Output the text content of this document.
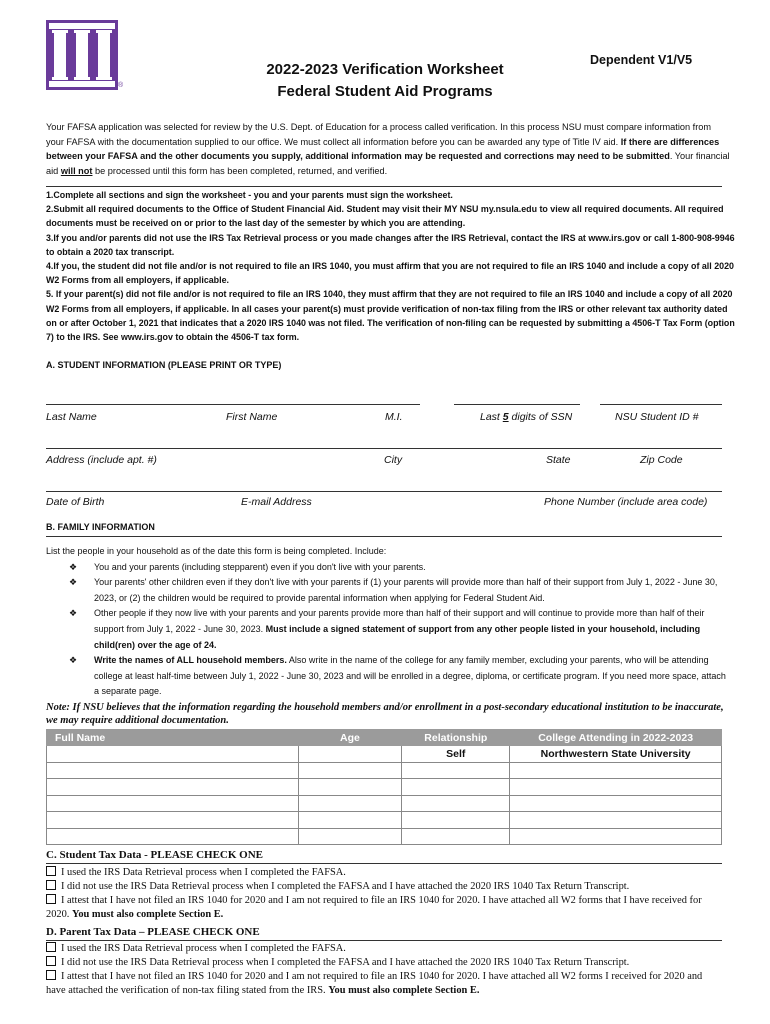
®
2022-2023 Verification Worksheet
Federal Student Aid Programs
Dependent V1/V5
Your FAFSA application was selected for review by the U.S. Dept. of Education for a process called verification. In this process NSU must compare information from your FAFSA with the documentation supplied to our office. We must collect all information before you can be awarded any type of Title IV aid. If there are differences between your FAFSA and the other documents you supply, additional information may be requested and corrections may need to be submitted. Your financial aid will not be processed until this form has been completed, returned, and verified.
1.Complete all sections and sign the worksheet - you and your parents must sign the worksheet.
2.Submit all required documents to the Office of Student Financial Aid. Student may visit their MY NSU my.nsula.edu to view all required documents. All required documents must be received on or prior to the last day of the semester by which you are attending.
3.If you and/or parents did not use the IRS Tax Retrieval process or you made changes after the IRS Retrieval, contact the IRS at www.irs.gov or call 1-800-908-9946 to obtain a 2020 tax transcript.
4.If you, the student did not file and/or is not required to file an IRS 1040, you must affirm that you are not required to file an IRS 1040 and include a copy of all 2020 W2 Forms from all employers, if applicable.
5. If your parent(s) did not file and/or is not required to file an IRS 1040, they must affirm that they are not required to file an IRS 1040 and include a copy of all 2020 W2 Forms from all employers, if applicable. In all cases your parent(s) must provide verification of non-tax filing from the IRS or other relevant tax authority dated on or after October 1, 2021 that indicates that a 2020 IRS 1040 was not filed. The verification of non-filing can be requested by submitting a 4506-T Tax Form (option 7) to the IRS. See www.irs.gov to obtain the 4506-T tax form.
A. STUDENT INFORMATION (PLEASE PRINT OR TYPE)
Last Name	First Name	M.I.	Last 5 digits of SSN	NSU Student ID #
Address (include apt. #)	City	State	Zip Code
Date of Birth	E-mail Address	Phone Number (include area code)
B. FAMILY INFORMATION
List the people in your household as of the date this form is being completed. Include:
❖ You and your parents (including stepparent) even if you don't live with your parents.
❖ Your parents' other children even if they don't live with your parents if (1) your parents will provide more than half of their support from July 1, 2022 - June 30, 2023, or (2) the children would be required to provide parental information when applying for Federal Student Aid.
❖ Other people if they now live with your parents and your parents provide more than half of their support and will continue to provide more than half of their support from July 1, 2022 - June 30, 2023. Must include a signed statement of support from any other people listed in your household, including child(ren) over the age of 24.
❖ Write the names of ALL household members. Also write in the name of the college for any family member, excluding your parents, who will be attending college at least half-time between July 1, 2022 - June 30, 2023 and will be enrolled in a degree, diploma, or certificate program. If you need more space, attach a separate page.
Note: If NSU believes that the information regarding the household members and/or enrollment in a post-secondary educational institution to be inaccurate, we may require additional documentation.
Full Name	Age	Relationship	College Attending in 2022-2023
		Self	Northwestern State University

C. Student Tax Data - PLEASE CHECK ONE
I used the IRS Data Retrieval process when I completed the FAFSA.
I did not use the IRS Data Retrieval process when I completed the FAFSA and I have attached the 2020 IRS 1040 Tax Return Transcript.
I attest that I have not filed an IRS 1040 for 2020 and I am not required to file an IRS 1040 for 2020. I have attached all W2 forms that I have received for 2020. You must also complete Section E.
D. Parent Tax Data – PLEASE CHECK ONE
I used the IRS Data Retrieval process when I completed the FAFSA.
I did not use the IRS Data Retrieval process when I completed the FAFSA and I have attached the 2020 IRS 1040 Tax Return Transcript.
I attest that I have not filed an IRS 1040 for 2020 and I am not required to file an IRS 1040 for 2020. I have attached all W2 forms I received for 2020 and have attached the verification of non-tax filing stated from the IRS. You must also complete Section E.
